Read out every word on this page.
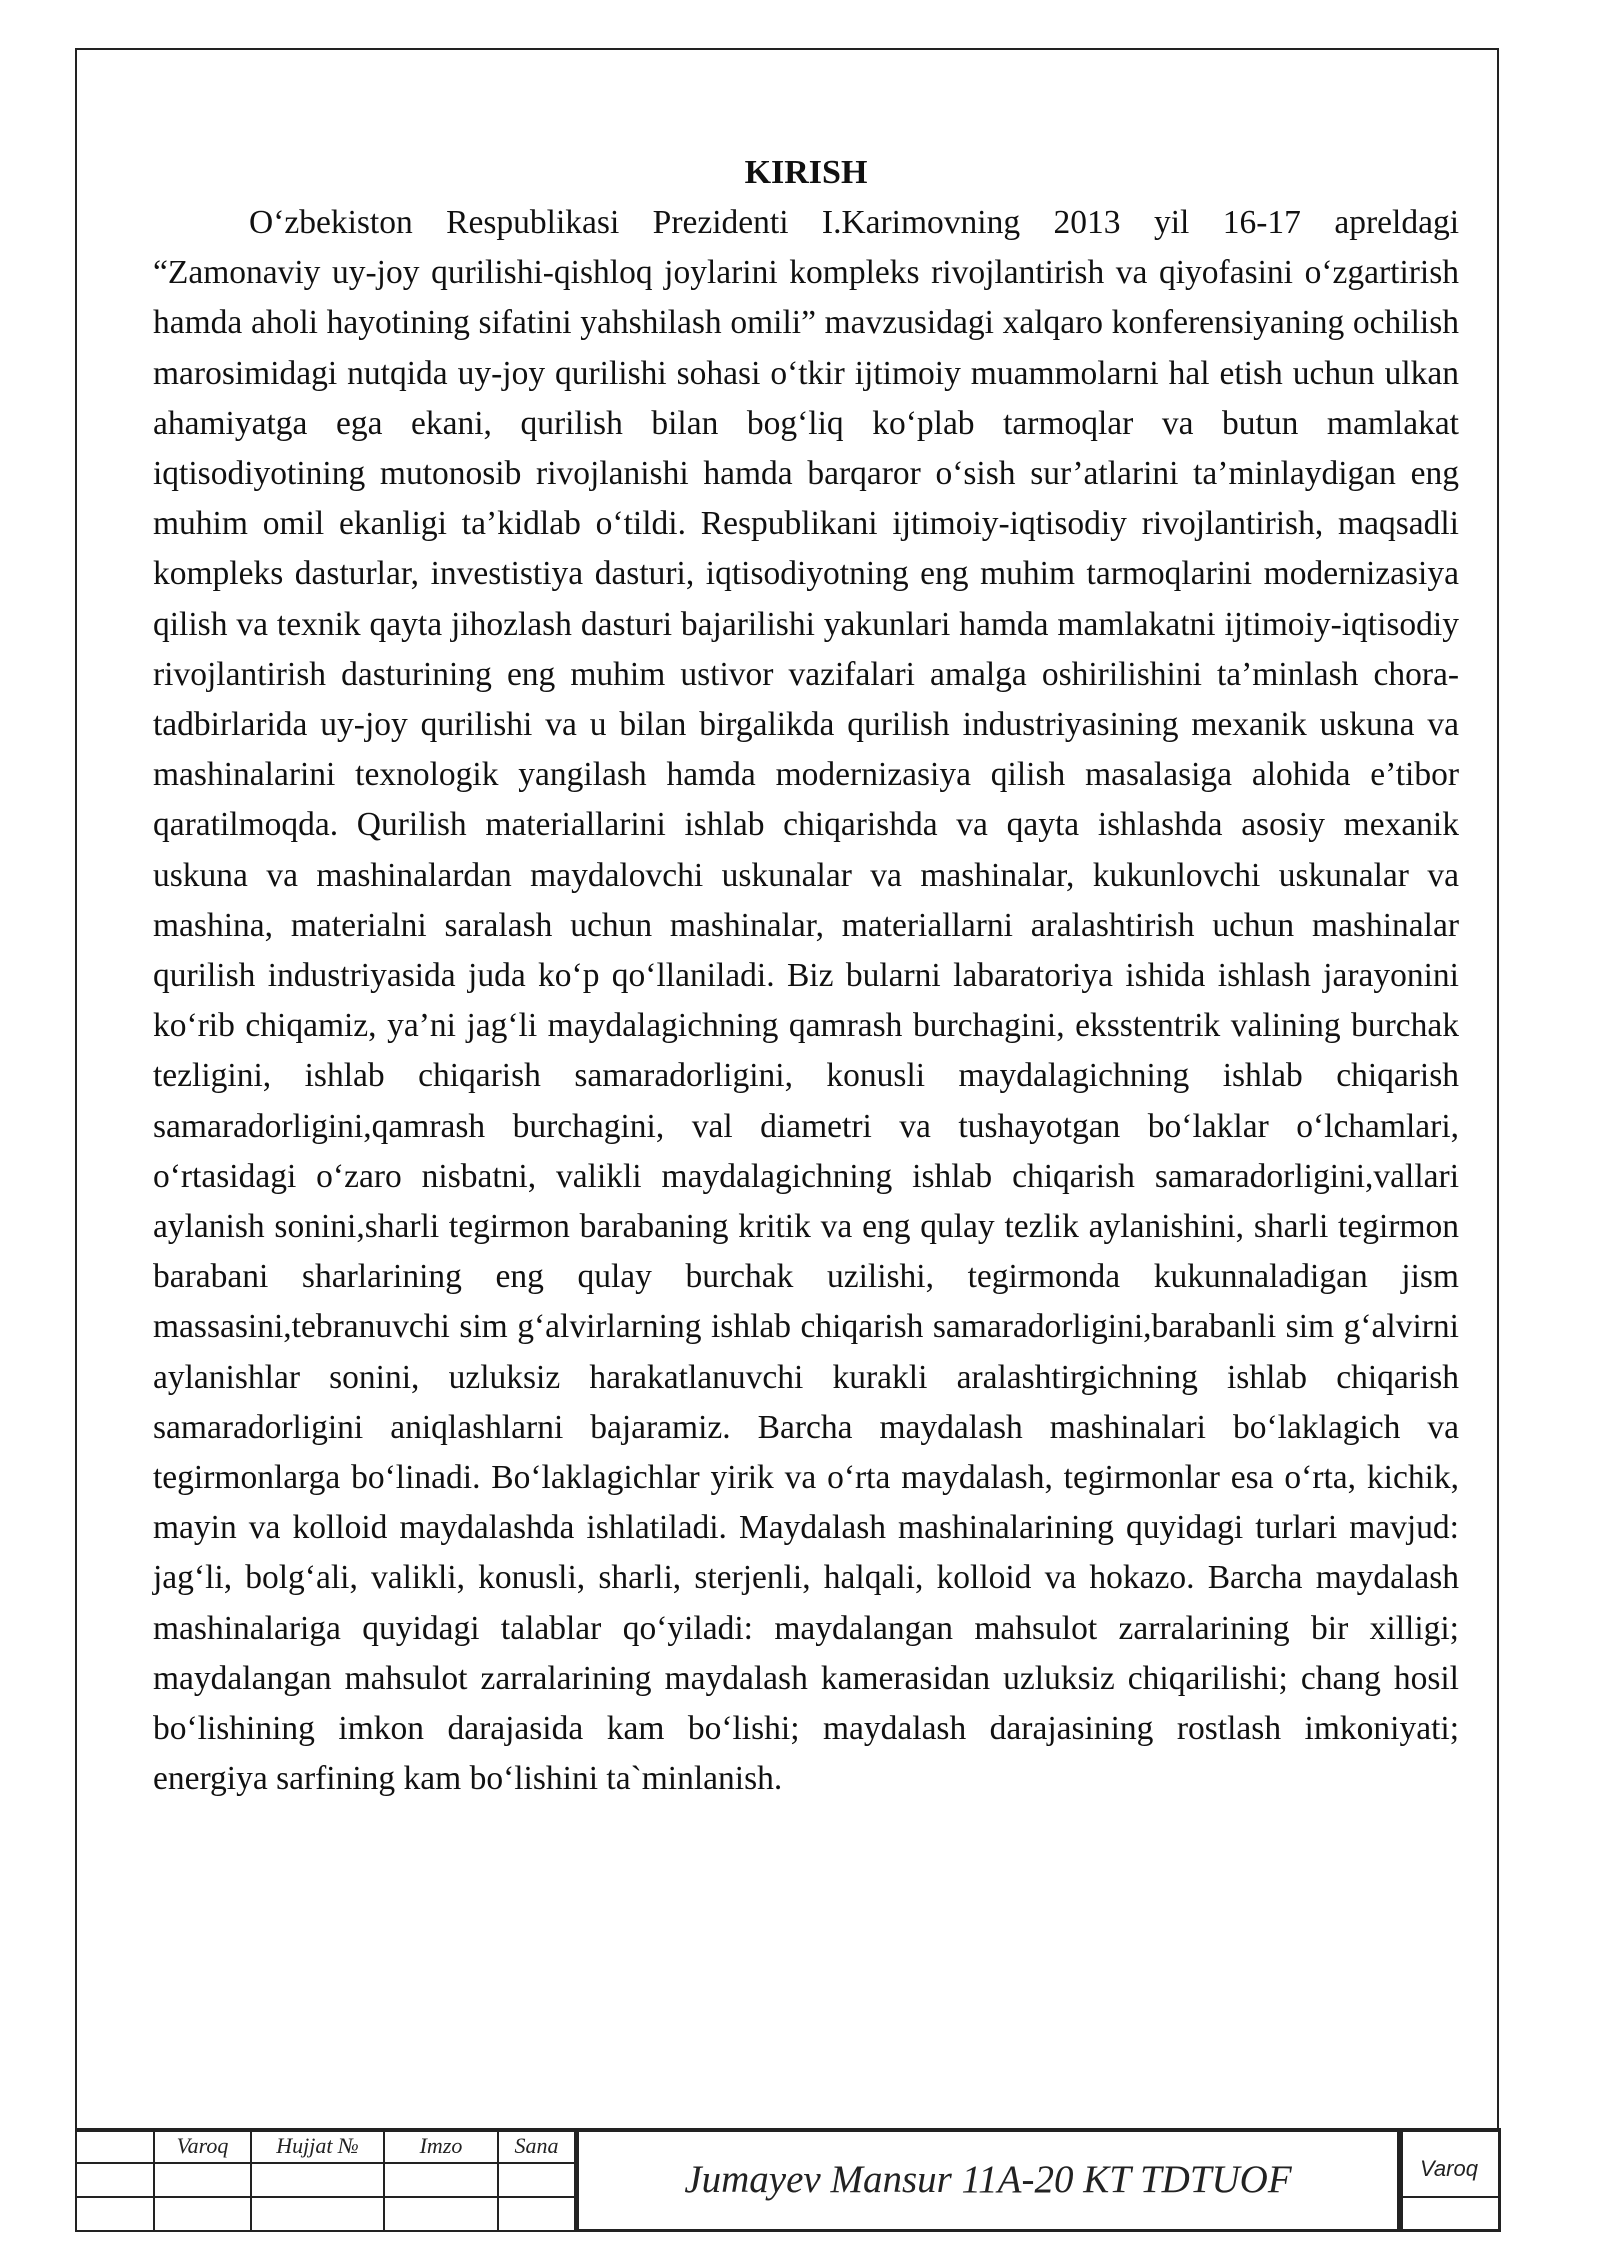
KIRISH

O‘zbekiston Respublikasi Prezidenti I.Karimovning 2013 yil 16-17 apreldagi “Zamonaviy uy-joy qurilishi-qishloq joylarini kompleks rivojlantirish va qiyofasini o‘zgartirish hamda aholi hayotining sifatini yahshilash omili” mavzusidagi xalqaro konferensiyaning ochilish marosimidagi nutqida uy-joy qurilishi sohasi o‘tkir ijtimoiy muammolarni hal etish uchun ulkan ahamiyatga ega ekani, qurilish bilan bog‘liq ko‘plab tarmoqlar va butun mamlakat iqtisodiyotining mutonosib rivojlanishi hamda barqaror o‘sish sur’atlarini ta’minlaydigan eng muhim omil ekanligi ta’kidlab o‘tildi. Respublikani ijtimoiy-iqtisodiy rivojlantirish, maqsadli kompleks dasturlar, investistiya dasturi, iqtisodiyotning eng muhim tarmoqlarini modernizasiya qilish va texnik qayta jihozlash dasturi bajarilishi yakunlari hamda mamlakatni ijtimoiy-iqtisodiy rivojlantirish dasturining eng muhim ustivor vazifalari amalga oshirilishini ta’minlash chora-tadbirlarida uy-joy qurilishi va u bilan birgalikda qurilish industriyasining mexanik uskuna va mashinalarini texnologik yangilash hamda modernizasiya qilish masalasiga alohida e’tibor qaratilmoqda. Qurilish materiallarini ishlab chiqarishda va qayta ishlashda asosiy mexanik uskuna va mashinalardan maydalovchi uskunalar va mashinalar, kukunlovchi uskunalar va mashina, materialni saralash uchun mashinalar, materiallarni aralashtirish uchun mashinalar qurilish industriyasida juda ko‘p qo‘llaniladi. Biz bularni labaratoriya ishida ishlash jarayonini ko‘rib chiqamiz, ya’ni jag‘li maydalagichning qamrash burchagini, eksstentrik valining burchak tezligini, ishlab chiqarish samaradorligini, konusli maydalagichning ishlab chiqarish samaradorligini,qamrash burchagini, val diametri va tushayotgan bo‘laklar o‘lchamlari, o‘rtasidagi o‘zaro nisbatni, valikli maydalagichning ishlab chiqarish samaradorligini,vallari aylanish sonini,sharli tegirmon barabaning kritik va eng qulay tezlik aylanishini, sharli tegirmon barabani sharlarining eng qulay burchak uzilishi, tegirmonda kukunnaladigan jism massasini,tebranuvchi sim g‘alvirlarning ishlab chiqarish samaradorligini,barabanli sim g‘alvirni aylanishlar sonini, uzluksiz harakatlanuvchi kurakli aralashtirgichning ishlab chiqarish samaradorligini aniqlashlarni bajaramiz. Barcha maydalash mashinalari bo‘laklagich va tegirmonlarga bo‘linadi. Bo‘laklagichlar yirik va o‘rta maydalash, tegirmonlar esa o‘rta, kichik, mayin va kolloid maydalashda ishlatiladi. Maydalash mashinalarining quyidagi turlari mavjud: jag‘li, bolg‘ali, valikli, konusli, sharli, sterjenli, halqali, kolloid va hokazo. Barcha maydalash mashinalariga quyidagi talablar qo‘yiladi: maydalangan mahsulot zarralarining bir xilligi; maydalangan mahsulot zarralarining maydalash kamerasidan uzluksiz chiqarilishi; chang hosil bo‘lishining imkon darajasida kam bo‘lishi; maydalash darajasining rostlash imkoniyati; energiya sarfining kam bo‘lishini ta`minlanish.

	Varoq	Hujjat №	Imzo	Sana

Jumayev Mansur 11A-20 KT TDTUOF	Varoq
